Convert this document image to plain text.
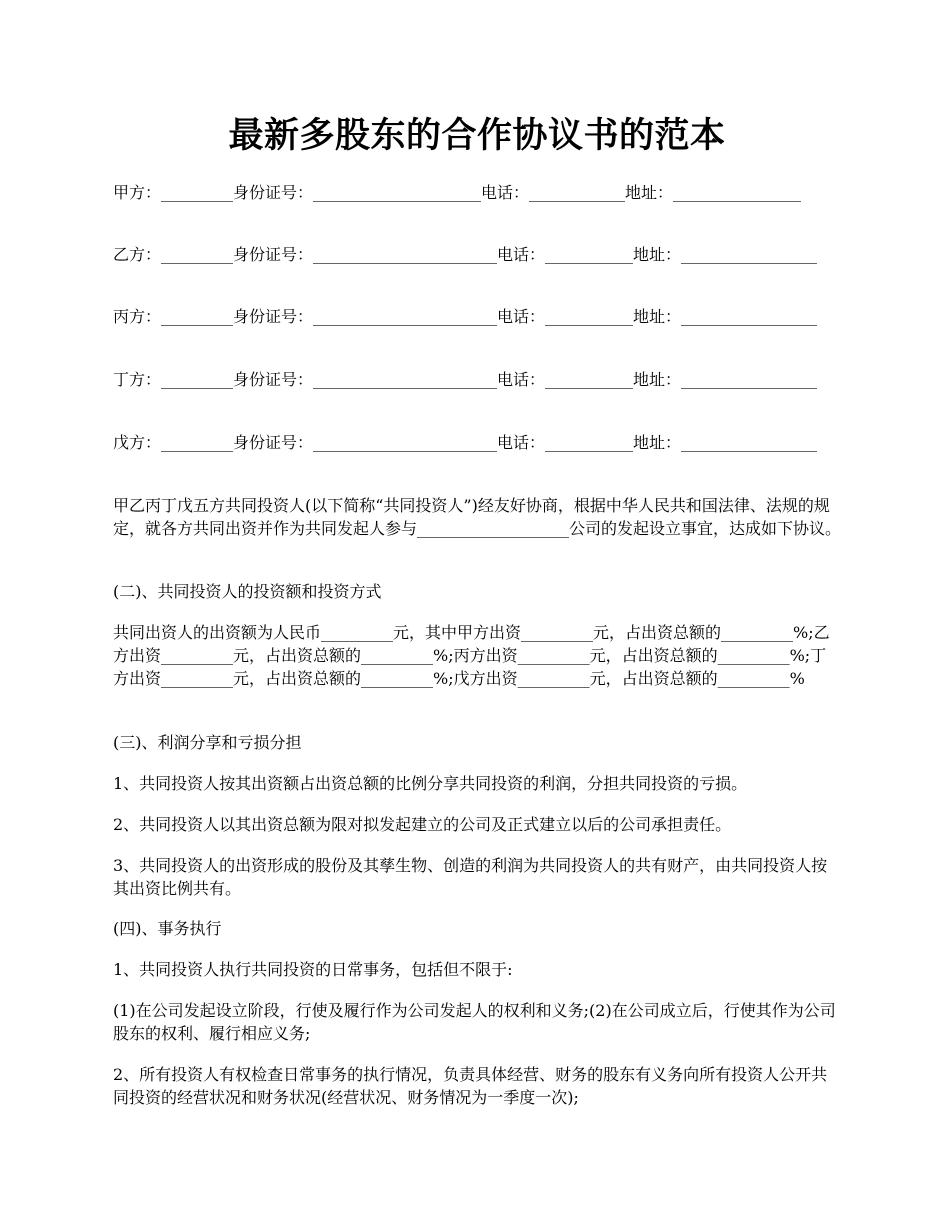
最新多股东的合作协议书的范本

甲方：_________身份证号：_____________________电话：____________地址：________________

乙方：_________身份证号：_______________________电话：___________地址：_________________

丙方：_________身份证号：_______________________电话：___________地址：_________________

丁方：_________身份证号：_______________________电话：___________地址：_________________

戊方：_________身份证号：_______________________电话：___________地址：_________________

甲乙丙丁戊五方共同投资人(以下简称“共同投资人”)经友好协商，根据中华人民共和国法律、法规的规定，就各方共同出资并作为共同发起人参与___________________公司的发起设立事宜，达成如下协议。

(二)、共同投资人的投资额和投资方式

共同出资人的出资额为人民币_________元，其中甲方出资_________元，占出资总额的_________%;乙方出资_________元，占出资总额的_________%;丙方出资_________元，占出资总额的_________%;丁方出资_________元，占出资总额的_________%;戊方出资_________元，占出资总额的_________%

(三)、利润分享和亏损分担

1、共同投资人按其出资额占出资总额的比例分享共同投资的利润，分担共同投资的亏损。

2、共同投资人以其出资总额为限对拟发起建立的公司及正式建立以后的公司承担责任。

3、共同投资人的出资形成的股份及其孳生物、创造的利润为共同投资人的共有财产，由共同投资人按其出资比例共有。

(四)、事务执行

1、共同投资人执行共同投资的日常事务，包括但不限于:

(1)在公司发起设立阶段，行使及履行作为公司发起人的权利和义务;(2)在公司成立后，行使其作为公司股东的权利、履行相应义务;

2、所有投资人有权检查日常事务的执行情况，负责具体经营、财务的股东有义务向所有投资人公开共同投资的经营状况和财务状况(经营状况、财务情况为一季度一次);
